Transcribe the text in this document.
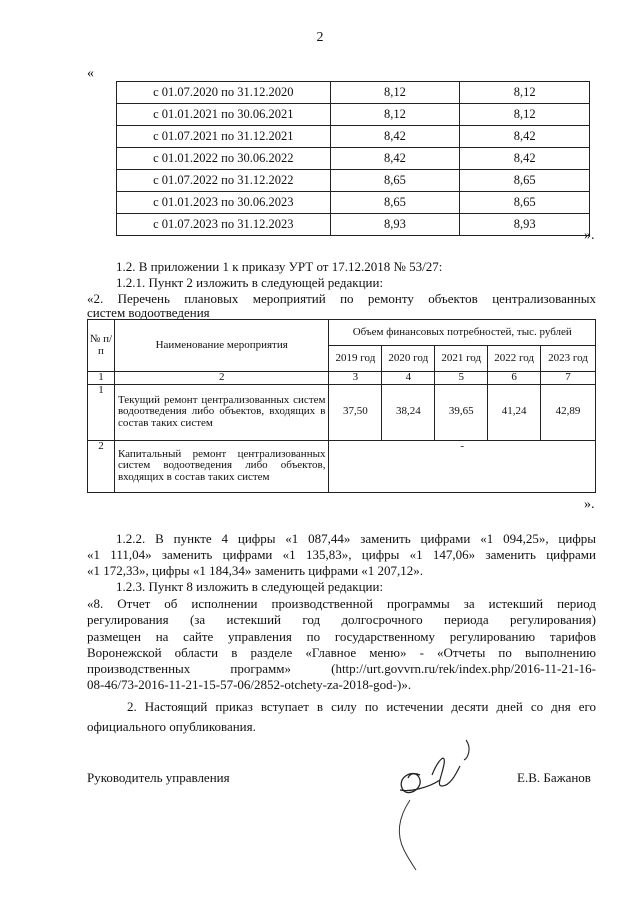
2
«
с 01.07.2020 по 31.12.2020	8,12	8,12
с 01.01.2021 по 30.06.2021	8,12	8,12
с 01.07.2021 по 31.12.2021	8,42	8,42
с 01.01.2022 по 30.06.2022	8,42	8,42
с 01.07.2022 по 31.12.2022	8,65	8,65
с 01.01.2023 по 30.06.2023	8,65	8,65
с 01.07.2023 по 31.12.2023	8,93	8,93
».
1.2. В приложении 1 к приказу УРТ от 17.12.2018 № 53/27:
1.2.1. Пункт 2 изложить в следующей редакции:
«2. Перечень плановых мероприятий по ремонту объектов централизованных
систем водоотведения
№ п/п	Наименование мероприятия	Объем финансовых потребностей, тыс. рублей				
		2019 год	2020 год	2021 год	2022 год	2023 год
1	2	3	4	5	6	7
1	Текущий ремонт централизованных систем водоотведения либо объектов, входящих в состав таких систем	37,50	38,24	39,65	41,24	42,89
2	Капитальный ремонт централизованных систем водоотведения либо объектов, входящих в состав таких систем	-				
».
1.2.2. В пункте 4 цифры «1 087,44» заменить цифрами «1 094,25», цифры
«1 111,04» заменить цифрами «1 135,83», цифры «1 147,06» заменить цифрами
«1 172,33», цифры «1 184,34» заменить цифрами «1 207,12».
1.2.3. Пункт 8 изложить в следующей редакции:
«8. Отчет об исполнении производственной программы за истекший период
регулирования (за истекший год долгосрочного периода регулирования)
размещен на сайте управления по государственному регулированию тарифов
Воронежской области в разделе «Главное меню» - «Отчеты по выполнению
производственных программ» (http://urt.govvrn.ru/rek/index.php/2016-11-21-16-
08-46/73-2016-11-21-15-57-06/2852-otchety-za-2018-god-)».
2. Настоящий приказ вступает в силу по истечении десяти дней со дня его
официального опубликования.
Руководитель управления	Е.В. Бажанов
